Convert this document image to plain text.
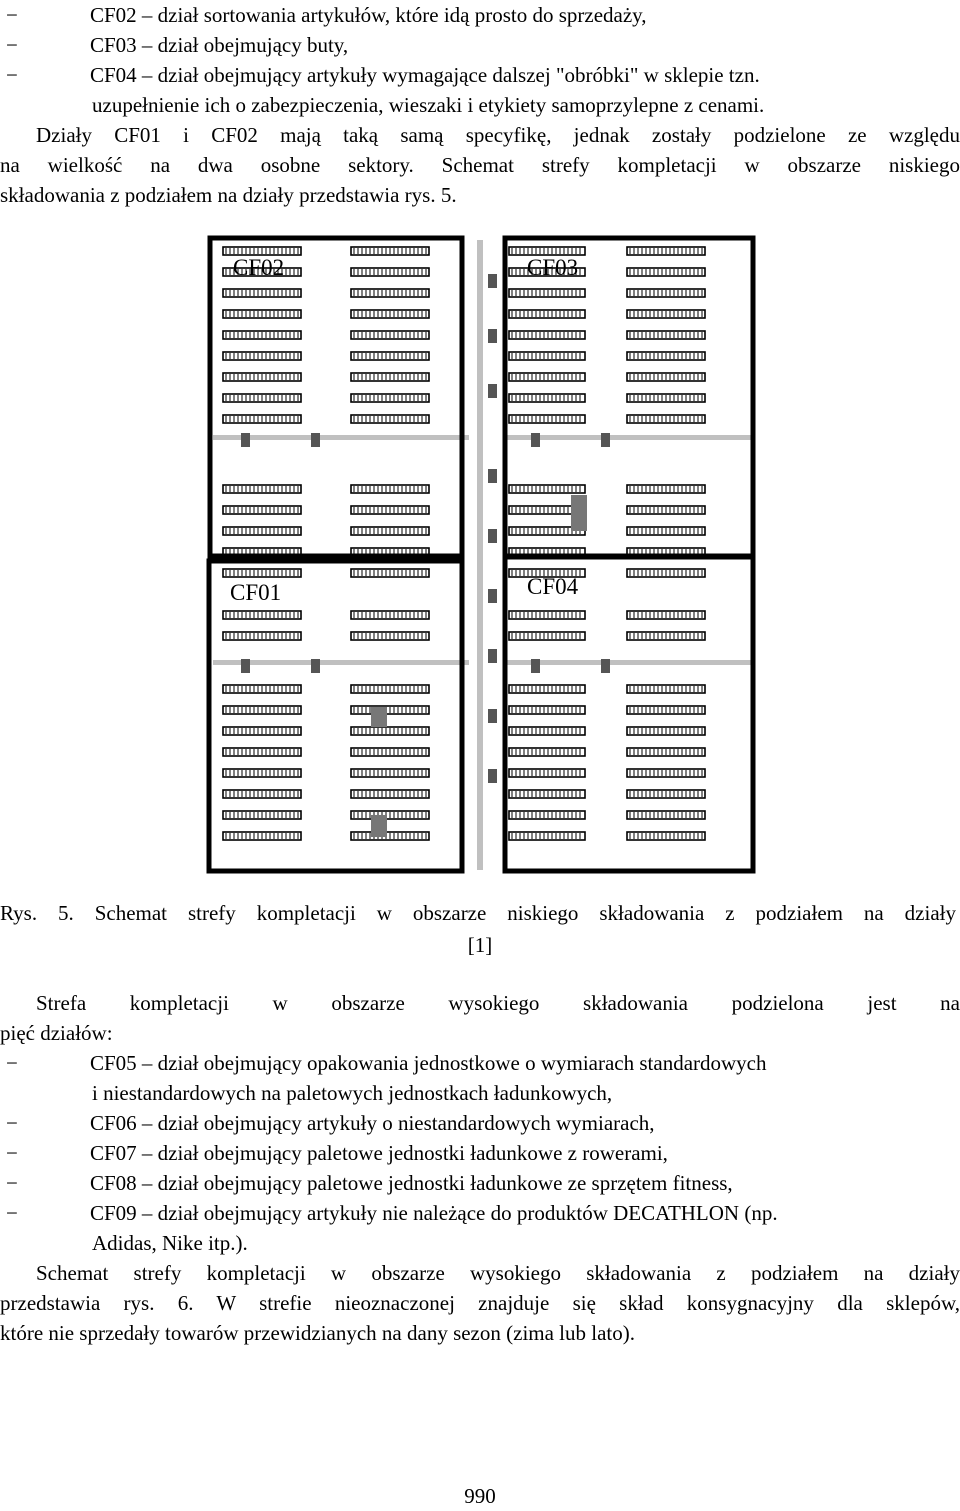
−	CF02 – dział sortowania artykułów, które idą prosto do sprzedaży,
−	CF03 – dział obejmujący buty,
−	CF04 – dział obejmujący artykuły wymagające dalszej "obróbki" w sklepie tzn.
uzupełnienie ich o zabezpieczenia, wieszaki i etykiety samoprzylepne z cenami.
Działy CF01 i CF02 mają taką samą specyfikę, jednak zostały podzielone ze względu
na wielkość na dwa osobne sektory. Schemat strefy kompletacji w obszarze niskiego
składowania z podziałem na działy przedstawia rys. 5.
CF02	CF03
CF01	CF04
Rys. 5. Schemat strefy kompletacji w obszarze niskiego składowania z podziałem na działy
[1]
Strefa kompletacji w obszarze wysokiego składowania podzielona jest na
pięć działów:
−	CF05 – dział obejmujący opakowania jednostkowe o wymiarach standardowych
i niestandardowych na paletowych jednostkach ładunkowych,
−	CF06 – dział obejmujący artykuły o niestandardowych wymiarach,
−	CF07 – dział obejmujący paletowe jednostki ładunkowe z rowerami,
−	CF08 – dział obejmujący paletowe jednostki ładunkowe ze sprzętem fitness,
−	CF09 – dział obejmujący artykuły nie należące do produktów DECATHLON (np.
Adidas, Nike itp.).
Schemat strefy kompletacji w obszarze wysokiego składowania z podziałem na działy
przedstawia rys. 6. W strefie nieoznaczonej znajduje się skład konsygnacyjny dla sklepów,
które nie sprzedały towarów przewidzianych na dany sezon (zima lub lato).
990
